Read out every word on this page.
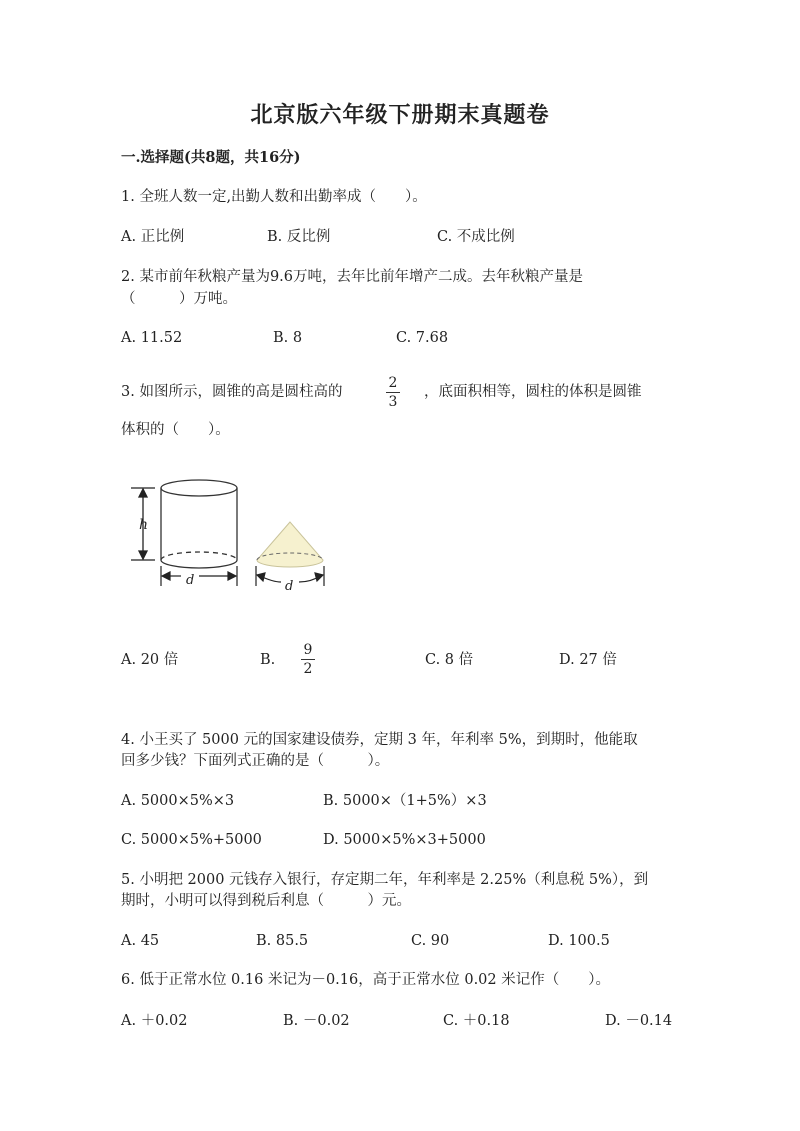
北京版六年级下册期末真题卷
一.选择题(共8题，共16分)
1. 全班人数一定,出勤人数和出勤率成（　　）。
A. 正比例	B. 反比例	C. 不成比例
2. 某市前年秋粮产量为9.6万吨，去年比前年增产二成。去年秋粮产量是
（　　　）万吨。
A. 11.52	B. 8	C. 7.68
3. 如图所示，圆锥的高是圆柱高的
2
3
，底面积相等，圆柱的体积是圆锥
体积的（　　）。
h
d	d
A. 20 倍	B.
9
2
C. 8 倍	D. 27 倍
4. 小王买了 5000 元的国家建设债券，定期 3 年，年利率 5%，到期时，他能取
回多少钱？下面列式正确的是（　　　）。
A. 5000×5%×3	B. 5000×（1+5%）×3
C. 5000×5%+5000	D. 5000×5%×3+5000
5. 小明把 2000 元钱存入银行，存定期二年，年利率是 2.25%（利息税 5%），到
期时，小明可以得到税后利息（　　　）元。
A. 45	B. 85.5	C. 90	D. 100.5
6. 低于正常水位 0.16 米记为－0.16，高于正常水位 0.02 米记作（　　）。
A. ＋0.02	B. －0.02	C. ＋0.18	D. －0.14
